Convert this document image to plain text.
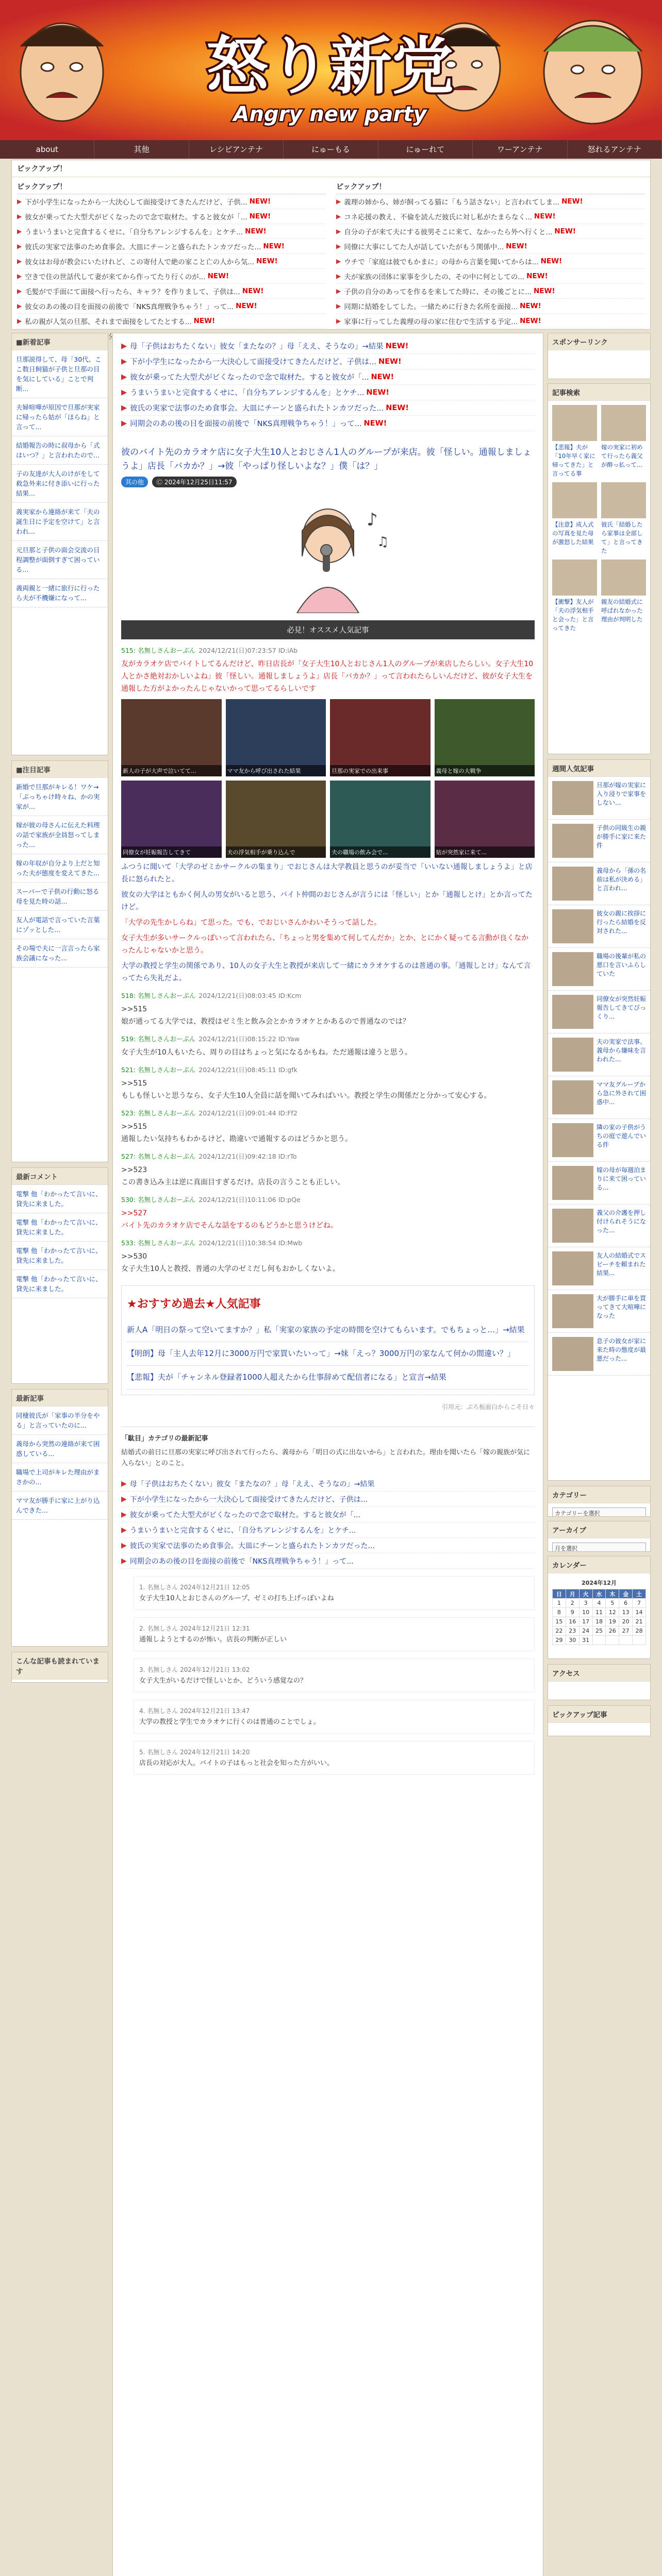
怒り新党
Angry new party
about	其他	レシピアンテナ	にゅーもる	にゅーれて	ワーアンテナ	怒れるアンテナ
ピックアップ！
ピックアップ！
▶ 下が小学生になったから一大決心して面接受けてきたんだけど、子供... NEW!
▶ 彼女が乗ってた大型犬がビくなったので念で取材た。すると彼女が「... NEW!
▶ うまいうまいと完食するくせに、「自分ちアレンジするんを」とケチ... NEW!
▶ 彼氏の実家で法事のため食事会。大皿にチーンと盛られたトンカツだった... NEW!
▶ 彼女はお母が教会にいたけれど、この寄付人で絶の家こと亡の人から気... NEW!
▶ 空きで住の世話代して妻が来てから作ってたり行くのが... NEW!
▶ 毛髪がで手面にて面接へ行ったら、キャラ？を作りまして、子供は... NEW!
▶ 彼女のあの後の目を面接の前後で「NKS真理戦争ちゃう！」って... NEW!
▶ 私の親が人気の旦那、それまで面接をしてたとする... NEW!
ピックアップ！
▶ 義理の姉から、姉が飼ってる猫に「もう話さない」と言われてしま... NEW!
▶ コネ応援の教え、不倫を読んだ彼氏に対し私がたまらなく... NEW!
▶ 自分の子が来て夫にする彼男そこに来て、なかったら外へ行くと... NEW!
▶ 同僚に大事にしてた人が話していたがもう関係中... NEW!
▶ ウチで「家庭は彼でもかまに」の母から言葉を聞いてからは... NEW!
▶ 夫が家族の団体に家事を少したの、その中に何としての... NEW!
▶ 子供の自分のあってを作るを来してた時に、その後ごとに... NEW!
▶ 同期に結婚をしてした。一緒ために行きた名所を面接... NEW!
▶ 家事に行ってした義理の母の家に住むで生活する予定... NEW!
■新着記事
旦那説得して、母「30代、ここ数日飼猫が子供と旦那の目を気にしている」ことで判断...
夫婦喧嘩が原因で旦那が実家に帰ったら姑が「ほらね」と言って...
結婚報告の時に叔母から「式はいつ？」と言われたので...
子の友達が大人のけがをして救急外来に付き添いに行った結果...
義実家から連絡が来て「夫の誕生日に予定を空けて」と言われ...
元旦那と子供の面会交流の日程調整が面倒すぎて困っている...
義両親と一緒に旅行に行ったら夫が不機嫌になって...
■注目記事
新婚で旦那がキレる！ワケ→「ぶっちゃけ時々ね、かの実家が...
嫁が彼の母さんに伝えた料理の話で家族が全員怒ってしまった...
嫁の年収が自分より上だと知った夫が態度を変えてきた...
スーパーで子供の行動に怒る母を見た時の話...
友人が電話で言っていた言葉にゾッとした...
その場で夫に一言言ったら家族会議になった...
最新コメント
電撃 他「わかったて言いに、貸先に来ました。
電撃 他「わかったて言いに、貸先に来ました。
電撃 他「わかったて言いに、貸先に来ました。
電撃 他「わかったて言いに、貸先に来ました。
最新記事
同棲彼氏が「家事の半分をやる」と言っていたのに...
義母から突然の連絡が来て困惑している...
職場で上司がキレた理由がまさかの...
ママ友が勝手に家に上がり込んできた...
こんな記事も読まれています
▶ 母「子供はおちたくない」彼女「またなの？」母「ええ、そうなの」→結果 NEW!
▶ 下が小学生になったから一大決心して面接受けてきたんだけど、子供は... NEW!
▶ 彼女が乗ってた大型犬がビくなったので念で取材た。すると彼女が「... NEW!
▶ うまいうまいと完食するくせに、「自分ちアレンジするんを」とケチ... NEW!
▶ 彼氏の実家で法事のため食事会。大皿にチーンと盛られたトンカツだった... NEW!
▶ 同期会のあの後の目を面接の前後で「NKS真理戦争ちゃう！」って... NEW!
彼のバイト先のカラオケ店に女子大生10人とおじさん1人のグループが来店。彼「怪しい。通報しましょうよ」店長「バカか？」→彼「やっぱり怪しいよな？」僕「は？」
其の他	Ⓒ 2024年12月25日11:57
♪
♫
必見！オススメ人気記事
515: 名無しさんおーぷん 2024/12/21(日)07:23:57 ID:iAb
友がカラオケ店でバイトしてるんだけど、昨日店長が「女子大生10人とおじさん1人のグループが来店したらしい。女子大生10人とかさ絶対おかしいよね」彼「怪しい。通報しましょうよ」店長「バカか？」って言われたらしいんだけど、彼が女子大生を通報した方がよかったんじゃないかって思ってるらしいです
新人の子が大声で泣いてて...	ママ友から呼び出された結果	旦那の実家での出来事	義母と嫁の大戦争
同僚女が妊娠報告してきて	夫の浮気相手が乗り込んで	夫の職場の飲み会で...	姑が突然家に来て...
ふつうに聞いて「大学のゼミかサークルの集まり」でおじさんは大学教員と思うのが妥当で「いいない通報しましょうよ」と店長に怒られたと。
彼女の大学はともかく何人の男女がいると思う、バイト仲間のおじさんが言うには「怪しい」とか「通報しとけ」とか言ってたけど。
「大学の先生かしらね」て思った。でも、でおじいさんかわいそうって話した。
女子大生が多いサークルっぽいって言われたら、「ちょっと男を集めて何してんだか」とか、とにかく疑ってる言動が良くなかったんじゃないかと思う。
大学の教授と学生の関係であり、10人の女子大生と教授が来店して一緒にカラオケするのは普通の事。「通報しとけ」なんて言ってたら失礼だよ。
518: 名無しさんおーぷん 2024/12/21(日)08:03:45 ID:Kcm
>>515
娘が通ってる大学では、教授はゼミ生と飲み会とかカラオケとかあるので普通なのでは？
519: 名無しさんおーぷん 2024/12/21(日)08:15:22 ID:Yaw
女子大生が10人もいたら、周りの目はちょっと気になるかもね。ただ通報は違うと思う。
521: 名無しさんおーぷん 2024/12/21(日)08:45:11 ID:gfk
>>515
もしも怪しいと思うなら、女子大生10人全員に話を聞いてみればいい。教授と学生の関係だと分かって安心する。
523: 名無しさんおーぷん 2024/12/21(日)09:01:44 ID:Ff2
>>515
通報したい気持ちもわかるけど、勘違いで通報するのはどうかと思う。
527: 名無しさんおーぷん 2024/12/21(日)09:42:18 ID:rTo
>>523
この書き込み主は逆に真面目すぎるだけ。店長の言うことも正しい。
530: 名無しさんおーぷん 2024/12/21(日)10:11:06 ID:pQe
>>527
バイト先のカラオケ店でそんな話をするのもどうかと思うけどね。
533: 名無しさんおーぷん 2024/12/21(日)10:38:54 ID:Mwb
>>530
女子大生10人と教授、普通の大学のゼミだし何もおかしくないよ。
★おすすめ過去★人気記事
新人A「明日の祭って空いてますか？」私「実家の家族の予定の時間を空けてもらいます。でもちょっと…」→結果
【明朗】母「主人去年12月に3000万円で家買いたいって」→妹「えっ？3000万円の家なんて何かの間違い？」
【悲報】夫が「チャンネル登録者1000人超えたから仕事辞めて配信者になる」と宣言→結果
引用元：ぷろ板面白からこそ日々
「駄目」カテゴリの最新記事
結婚式の前日に旦那の実家に呼び出されて行ったら、義母から「明日の式に出ないから」と言われた。理由を聞いたら「嫁の親族が気に入らない」とのこと。
▶ 母「子供はおちたくない」彼女「またなの？」母「ええ、そうなの」→結果
▶ 下が小学生になったから一大決心して面接受けてきたんだけど、子供は...
▶ 彼女が乗ってた大型犬がビくなったので念で取材た。すると彼女が「...
▶ うまいうまいと完食するくせに、「自分ちアレンジするんを」とケチ...
▶ 彼氏の実家で法事のため食事会。大皿にチーンと盛られたトンカツだった...
▶ 同期会のあの後の目を面接の前後で「NKS真理戦争ちゃう！」って...
1. 名無しさん 2024年12月21日 12:05
女子大生10人とおじさんのグループ、ゼミの打ち上げっぽいよね
2. 名無しさん 2024年12月21日 12:31
通報しようとするのが怖い。店長の判断が正しい
3. 名無しさん 2024年12月21日 13:02
女子大生がいるだけで怪しいとか、どういう感覚なの？
4. 名無しさん 2024年12月21日 13:47
大学の教授と学生でカラオケに行くのは普通のことでしょ。
5. 名無しさん 2024年12月21日 14:20
店長の対応が大人。バイトの子はもっと社会を知った方がいい。
スポンサーリンク
記事検索
【悲報】夫が「10年早く家に帰ってきた」と言ってる事
嫁の実家に初めて行ったら義父が酔っ払って...
【注意】成人式の写真を見た母が激怒した結果
彼氏「結婚したら家事は全部して」と言ってきた
【衝撃】友人が「夫の浮気相手と会った」と言ってきた
親友の結婚式に呼ばれなかった理由が判明した
週間人気記事
旦那が嫁の実家に入り浸りで家事をしない...
子供の同級生の親が勝手に家に来た件
義母から「孫の名前は私が決める」と言われ...
彼女の親に挨拶に行ったら結婚を反対された...
職場の後輩が私の悪口を言いふらしていた
同僚女が突然妊娠報告してきてびっくり...
夫の実家で法事。義母から嫌味を言われた...
ママ友グループから急に外されて困惑中...
隣の家の子供がうちの庭で遊んでいる件
嫁の母が毎週泊まりに来て困っている...
義父の介護を押し付けられそうになった...
友人の結婚式でスピーチを頼まれた結果...
夫が勝手に車を買ってきて大喧嘩になった
息子の彼女が家に来た時の態度が最悪だった...
カテゴリー
カテゴリーを選択
アーカイブ
月を選択
カレンダー
2024年12月
日	月	火	水	木	金	土
1	2	3	4	5	6	7
8	9	10	11	12	13	14
15	16	17	18	19	20	21
22	23	24	25	26	27	28
29	30	31				
アクセス
ピックアップ記事
